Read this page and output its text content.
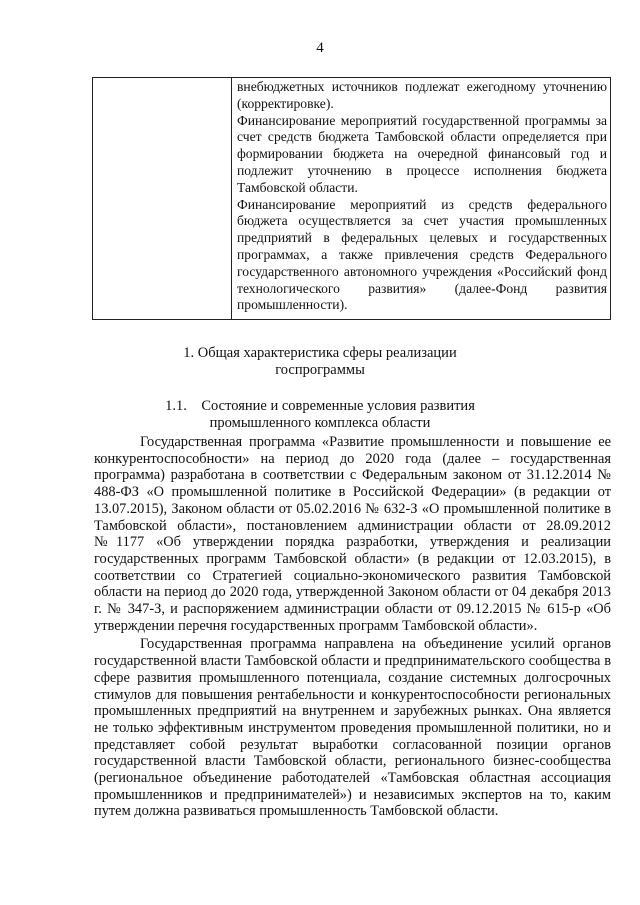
4

внебюджетных источников подлежат ежегодному уточнению (корректировке).

Финансирование мероприятий государственной программы за счет средств бюджета Тамбовской области определяется при формировании бюджета на очередной финансовый год и подлежит уточнению в процессе исполнения бюджета Тамбовской области.

Финансирование мероприятий из средств федерального бюджета осуществляется за счет участия промышленных предприятий в федеральных целевых и государственных программах, а также привлечения средств Федерального государственного автономного учреждения «Российский фонд технологического развития» (далее-Фонд развития промышленности).

1. Общая характеристика сферы реализации
госпрограммы
1.1.    Состояние и современные условия развития
промышленного комплекса области

Государственная программа «Развитие промышленности и повышение ее конкурентоспособности» на период до 2020 года (далее – государственная программа) разработана в соответствии с Федеральным законом от 31.12.2014 № 488-ФЗ «О промышленной политике в Российской Федерации» (в редакции от 13.07.2015), Законом области от 05.02.2016 № 632-З «О промышленной политике в Тамбовской области», постановлением администрации области от 28.09.2012 №1177 «Об утверждении порядка разработки, утверждения и реализации государственных программ Тамбовской области» (в редакции от 12.03.2015), в соответствии со Стратегией социально-экономического развития Тамбовской области на период до 2020 года, утвержденной Законом области от 04 декабря 2013 г. № 347-З, и распоряжением администрации области от 09.12.2015 № 615-р «Об утверждении перечня государственных программ Тамбовской области».

Государственная программа направлена на объединение усилий органов государственной власти Тамбовской области и предпринимательского сообщества в сфере развития промышленного потенциала, создание системных долгосрочных стимулов для повышения рентабельности и конкурентоспособности региональных промышленных предприятий на внутреннем и зарубежных рынках. Она является не только эффективным инструментом проведения промышленной политики, но и представляет собой результат выработки согласованной позиции органов государственной власти Тамбовской области, регионального бизнес-сообщества (региональное объединение работодателей «Тамбовская областная ассоциация промышленников и предпринимателей») и независимых экспертов на то, каким путем должна развиваться промышленность Тамбовской области.
